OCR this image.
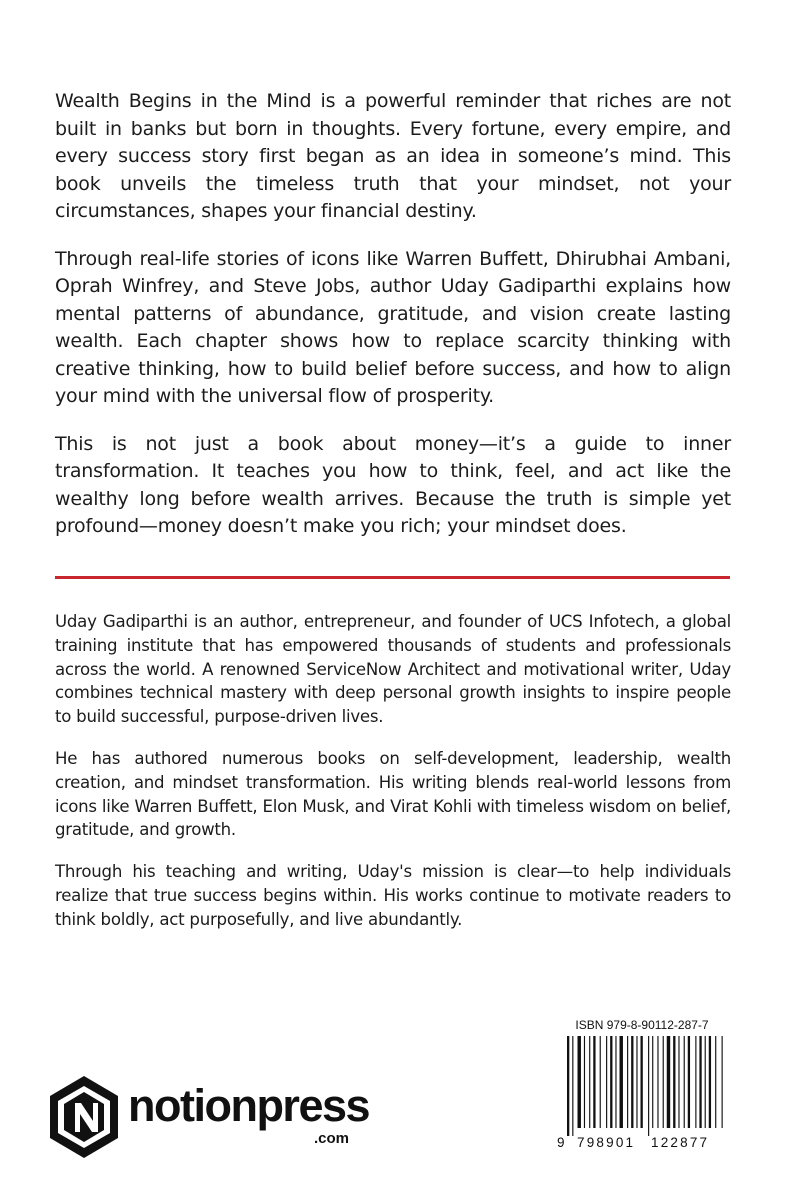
Wealth Begins in the Mind is a powerful reminder that riches are not built in banks but born in thoughts. Every fortune, every empire, and every success story first began as an idea in someone’s mind. This book unveils the timeless truth that your mindset, not your circumstances, shapes your financial destiny.

Through real-life stories of icons like Warren Buffett, Dhirubhai Ambani, Oprah Winfrey, and Steve Jobs, author Uday Gadiparthi explains how mental patterns of abundance, gratitude, and vision create lasting wealth. Each chapter shows how to replace scarcity thinking with creative thinking, how to build belief before success, and how to align your mind with the universal flow of prosperity.

This is not just a book about money—it’s a guide to inner transformation. It teaches you how to think, feel, and act like the wealthy long before wealth arrives. Because the truth is simple yet profound—money doesn’t make you rich; your mindset does.

Uday Gadiparthi is an author, entrepreneur, and founder of UCS Infotech, a global training institute that has empowered thousands of students and professionals across the world. A renowned ServiceNow Architect and motivational writer, Uday combines technical mastery with deep personal growth insights to inspire people to build successful, purpose-driven lives.

He has authored numerous books on self-development, leadership, wealth creation, and mindset transformation. His writing blends real-world lessons from icons like Warren Buffett, Elon Musk, and Virat Kohli with timeless wisdom on belief, gratitude, and growth.

Through his teaching and writing, Uday's mission is clear—to help individuals realize that true success begins within. His works continue to motivate readers to think boldly, act purposefully, and live abundantly.

notionpress
.com
ISBN 979-8-90112-287-7
9 798901 122877
